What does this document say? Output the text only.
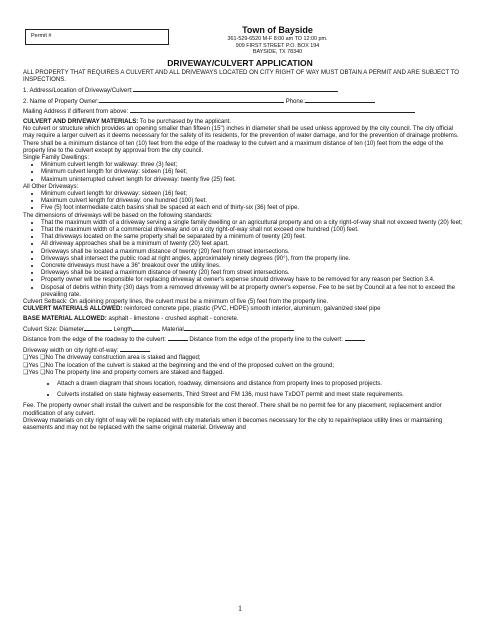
Permit #
Town of Bayside
361-529-6520 M-F 8:00 am TO 12:00 pm.
909 FIRST STREET P.O. BOX 194
BAYSIDE, TX 78340
DRIVEWAY/CULVERT APPLICATION

ALL PROPERTY THAT REQUIRES A CULVERT AND ALL DRIVEWAYS LOCATED ON CITY RIGHT OF WAY MUST OBTAIN A PERMIT AND ARE SUBJECT TO INSPECTIONS.

1. Address/Location of Driveway/Culvert:

2. Name of Property Owner:	Phone:

Mailing Address if different from above:

CULVERT AND DRIVEWAY MATERIALS: To be purchased by the applicant.

No culvert or structure which provides an opening smaller than fifteen (15") inches in diameter shall be used unless approved by the city council. The city official may require a larger culvert as it deems necessary for the safety of its residents, for the prevention of water damage, and for the prevention of drainage problems. There shall be a minimum distance of ten (10) feet from the edge of the roadway to the culvert and a maximum distance of ten (10) feet from the edge of the property line to the culvert except by approval from the city council.

Single Family Dwellings:

• Minimum culvert length for walkway: three (3) feet;
• Minimum culvert length for driveway: sixteen (16) feet;
• Maximum uninterrupted culvert length for driveway: twenty five (25) feet.

All Other Driveways:

• Minimum culvert length for driveway: sixteen (16) feet;
• Maximum culvert length for driveway: one hundred (100) feet.
• Five (5) foot intermediate catch basins shall be spaced at each end of thirty-six (36) feet of pipe.

The dimensions of driveways will be based on the following standards:

• That the maximum width of a driveway serving a single family dwelling or an agricultural property and on a city right-of-way shall not exceed twenty (20) feet;
• That the maximum width of a commercial driveway and on a city right-of-way shall not exceed one hundred (100) feet.
• That driveways located on the same property shall be separated by a minimum of twenty (20) feet.
• All driveway approaches shall be a minimum of twenty (20) feet apart.
• Driveways shall be located a maximum distance of twenty (20) feet from street intersections.
• Driveways shall intersect the public road at right angles, approximately ninety degrees (90°), from the property line.
• Concrete driveways must have a 36" breakout over the utility lines.
• Driveways shall be located a maximum distance of twenty (20) feet from street intersections.
• Property owner will be responsible for replacing driveway at owner's expense should driveway have to be removed for any reason per Section 3.4.
• Disposal of debris within thirty (30) days from a removed driveway will be at property owner's expense. Fee to be set by Council at a fee not to exceed the prevailing rate.

Culvert Setback: On adjoining property lines, the culvert must be a minimum of five (5) feet from the property line.

CULVERT MATERIALS ALLOWED: reinforced concrete pipe, plastic (PVC, HDPE) smooth interior, aluminum, galvanized steel pipe

BASE MATERIAL ALLOWED: asphalt - limestone - crushed asphalt - concrete.

Culvert Size: Diameter	Length	Material

Distance from the edge of the roadway to the culvert:	Distance from the edge of the property line to the culvert:

Driveway width on city right-of-way:

❑Yes ❑No The driveway construction area is staked and flagged;

❑Yes ❑No The location of the culvert is staked at the beginning and the end of the proposed culvert on the ground;

❑Yes ❑No The property line and property corners are staked and flagged.

• Attach a drawn diagram that shows location, roadway, dimensions and distance from property lines to proposed projects.
• Culverts installed on state highway easements, Third Street and FM 136, must have TxDOT permit and meet state requirements.

Fee. The property owner shall install the culvert and be responsible for the cost thereof. There shall be no permit fee for any placement, replacement and/or modification of any culvert.

Driveway materials on city right of way will be replaced with city materials when it becomes necessary for the city to repair/replace utility lines or maintaining easements and may not be replaced with the same original material. Driveway and

1
